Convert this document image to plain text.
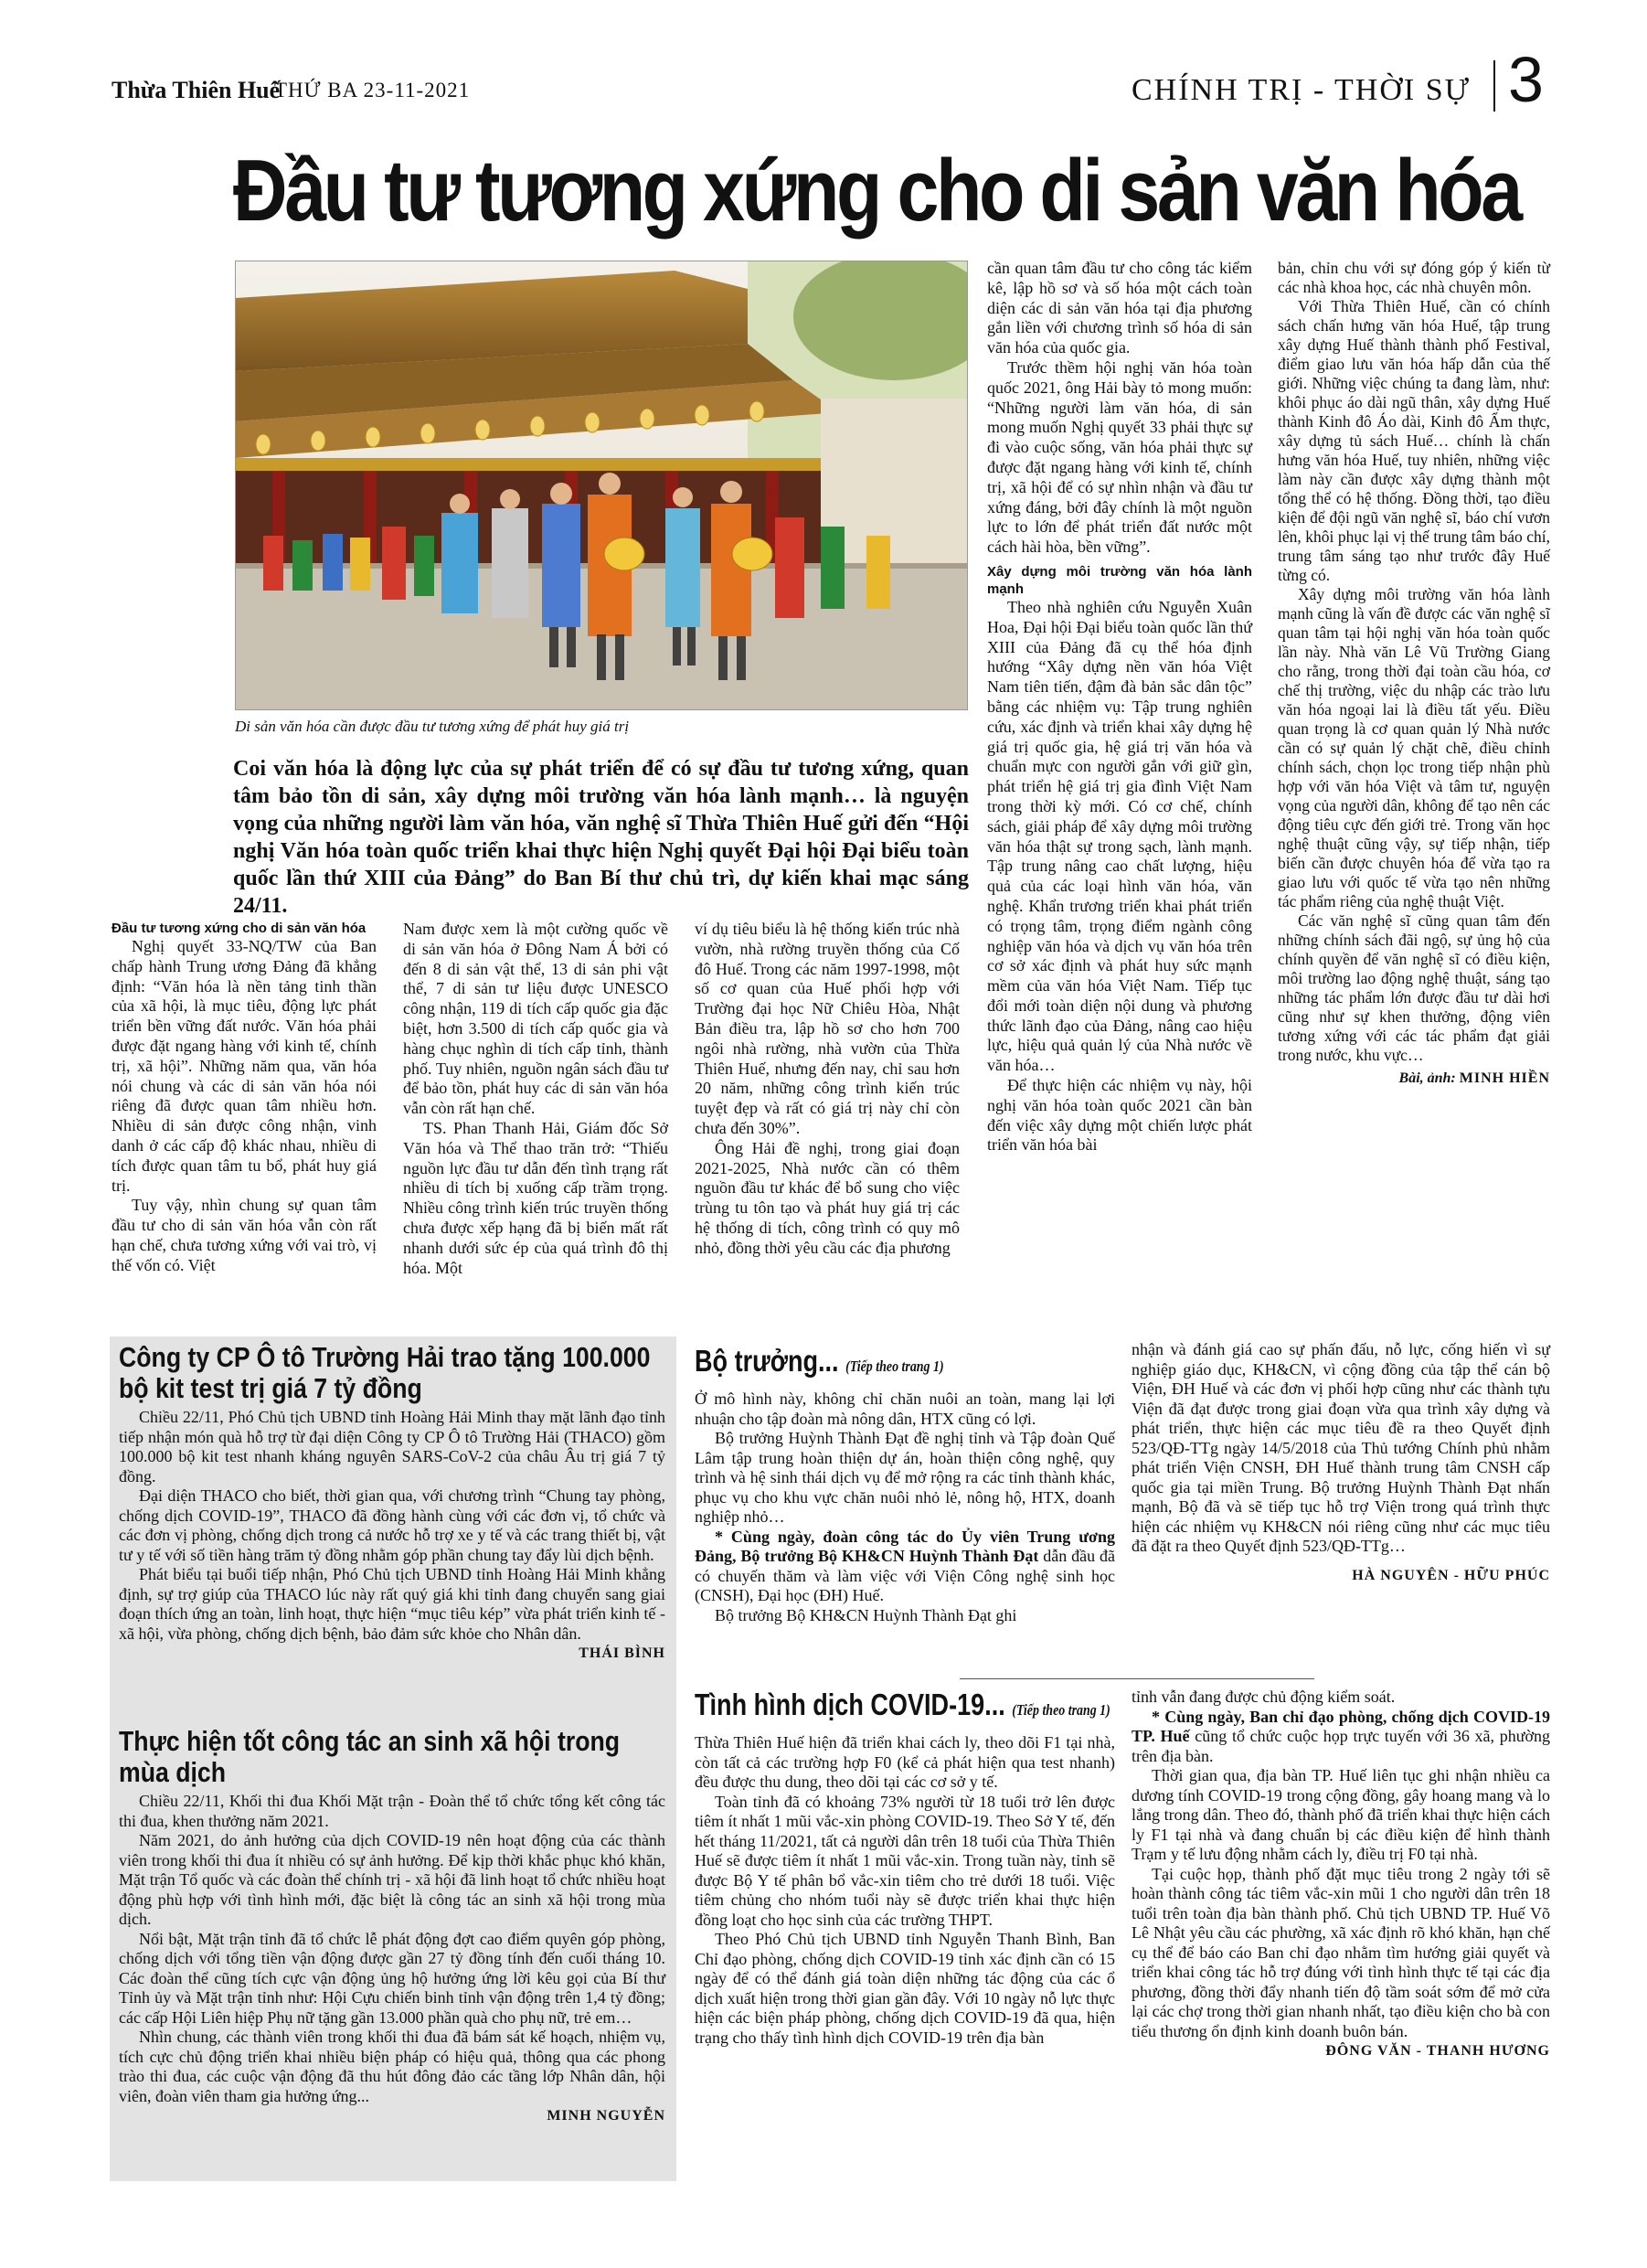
Thừa Thiên Huế
THỨ BA 23-11-2021	CHÍNH TRỊ - THỜI SỰ 3
Đầu tư tương xứng cho di sản văn hóa
Di sản văn hóa cần được đầu tư tương xứng để phát huy giá trị
Coi văn hóa là động lực của sự phát triển để có sự đầu tư tương xứng, quan tâm bảo tồn di sản, xây dựng môi trường văn hóa lành mạnh… là nguyện vọng của những người làm văn hóa, văn nghệ sĩ Thừa Thiên Huế gửi đến “Hội nghị Văn hóa toàn quốc triển khai thực hiện Nghị quyết Đại hội Đại biểu toàn quốc lần thứ XIII của Đảng” do Ban Bí thư chủ trì, dự kiến khai mạc sáng 24/11.
Đầu tư tương xứng cho di sản văn hóa

Nghị quyết 33-NQ/TW của Ban chấp hành Trung ương Đảng đã khẳng định: “Văn hóa là nền tảng tinh thần của xã hội, là mục tiêu, động lực phát triển bền vững đất nước. Văn hóa phải được đặt ngang hàng với kinh tế, chính trị, xã hội”. Những năm qua, văn hóa nói chung và các di sản văn hóa nói riêng đã được quan tâm nhiều hơn. Nhiều di sản được công nhận, vinh danh ở các cấp độ khác nhau, nhiều di tích được quan tâm tu bổ, phát huy giá trị.

Tuy vậy, nhìn chung sự quan tâm đầu tư cho di sản văn hóa vẫn còn rất hạn chế, chưa tương xứng với vai trò, vị thế vốn có. Việt

Nam được xem là một cường quốc về di sản văn hóa ở Đông Nam Á bởi có đến 8 di sản vật thể, 13 di sản phi vật thể, 7 di sản tư liệu được UNESCO công nhận, 119 di tích cấp quốc gia đặc biệt, hơn 3.500 di tích cấp quốc gia và hàng chục nghìn di tích cấp tỉnh, thành phố. Tuy nhiên, nguồn ngân sách đầu tư để bảo tồn, phát huy các di sản văn hóa vẫn còn rất hạn chế.

TS. Phan Thanh Hải, Giám đốc Sở Văn hóa và Thể thao trăn trở: “Thiếu nguồn lực đầu tư dẫn đến tình trạng rất nhiều di tích bị xuống cấp trầm trọng. Nhiều công trình kiến trúc truyền thống chưa được xếp hạng đã bị biến mất rất nhanh dưới sức ép của quá trình đô thị hóa. Một

ví dụ tiêu biểu là hệ thống kiến trúc nhà vườn, nhà rường truyền thống của Cố đô Huế. Trong các năm 1997-1998, một số cơ quan của Huế phối hợp với Trường đại học Nữ Chiêu Hòa, Nhật Bản điều tra, lập hồ sơ cho hơn 700 ngôi nhà rường, nhà vườn của Thừa Thiên Huế, nhưng đến nay, chỉ sau hơn 20 năm, những công trình kiến trúc tuyệt đẹp và rất có giá trị này chỉ còn chưa đến 30%”.

Ông Hải đề nghị, trong giai đoạn 2021-2025, Nhà nước cần có thêm nguồn đầu tư khác để bổ sung cho việc trùng tu tôn tạo và phát huy giá trị các hệ thống di tích, công trình có quy mô nhỏ, đồng thời yêu cầu các địa phương

cần quan tâm đầu tư cho công tác kiểm kê, lập hồ sơ và số hóa một cách toàn diện các di sản văn hóa tại địa phương gắn liền với chương trình số hóa di sản văn hóa của quốc gia.

Trước thềm hội nghị văn hóa toàn quốc 2021, ông Hải bày tỏ mong muốn: “Những người làm văn hóa, di sản mong muốn Nghị quyết 33 phải thực sự đi vào cuộc sống, văn hóa phải thực sự được đặt ngang hàng với kinh tế, chính trị, xã hội để có sự nhìn nhận và đầu tư xứng đáng, bởi đây chính là một nguồn lực to lớn để phát triển đất nước một cách hài hòa, bền vững”.

Xây dựng môi trường văn hóa lành mạnh

Theo nhà nghiên cứu Nguyễn Xuân Hoa, Đại hội Đại biểu toàn quốc lần thứ XIII của Đảng đã cụ thể hóa định hướng “Xây dựng nền văn hóa Việt Nam tiên tiến, đậm đà bản sắc dân tộc” bằng các nhiệm vụ: Tập trung nghiên cứu, xác định và triển khai xây dựng hệ giá trị quốc gia, hệ giá trị văn hóa và chuẩn mực con người gắn với giữ gìn, phát triển hệ giá trị gia đình Việt Nam trong thời kỳ mới. Có cơ chế, chính sách, giải pháp để xây dựng môi trường văn hóa thật sự trong sạch, lành mạnh. Tập trung nâng cao chất lượng, hiệu quả của các loại hình văn hóa, văn nghệ. Khẩn trương triển khai phát triển có trọng tâm, trọng điểm ngành công nghiệp văn hóa và dịch vụ văn hóa trên cơ sở xác định và phát huy sức mạnh mềm của văn hóa Việt Nam. Tiếp tục đổi mới toàn diện nội dung và phương thức lãnh đạo của Đảng, nâng cao hiệu lực, hiệu quả quản lý của Nhà nước về văn hóa…

Để thực hiện các nhiệm vụ này, hội nghị văn hóa toàn quốc 2021 cần bàn đến việc xây dựng một chiến lược phát triển văn hóa bài

bản, chỉn chu với sự đóng góp ý kiến từ các nhà khoa học, các nhà chuyên môn.

Với Thừa Thiên Huế, cần có chính sách chấn hưng văn hóa Huế, tập trung xây dựng Huế thành thành phố Festival, điểm giao lưu văn hóa hấp dẫn của thế giới. Những việc chúng ta đang làm, như: khôi phục áo dài ngũ thân, xây dựng Huế thành Kinh đô Áo dài, Kinh đô Ẩm thực, xây dựng tủ sách Huế… chính là chấn hưng văn hóa Huế, tuy nhiên, những việc làm này cần được xây dựng thành một tổng thể có hệ thống. Đồng thời, tạo điều kiện để đội ngũ văn nghệ sĩ, báo chí vươn lên, khôi phục lại vị thế trung tâm báo chí, trung tâm sáng tạo như trước đây Huế từng có.

Xây dựng môi trường văn hóa lành mạnh cũng là vấn đề được các văn nghệ sĩ quan tâm tại hội nghị văn hóa toàn quốc lần này. Nhà văn Lê Vũ Trường Giang cho rằng, trong thời đại toàn cầu hóa, cơ chế thị trường, việc du nhập các trào lưu văn hóa ngoại lai là điều tất yếu. Điều quan trọng là cơ quan quản lý Nhà nước cần có sự quản lý chặt chẽ, điều chỉnh chính sách, chọn lọc trong tiếp nhận phù hợp với văn hóa Việt và tâm tư, nguyện vọng của người dân, không để tạo nên các động tiêu cực đến giới trẻ. Trong văn học nghệ thuật cũng vậy, sự tiếp nhận, tiếp biến cần được chuyên hóa để vừa tạo ra giao lưu với quốc tế vừa tạo nên những tác phẩm riêng của nghệ thuật Việt.

Các văn nghệ sĩ cũng quan tâm đến những chính sách đãi ngộ, sự ủng hộ của chính quyền để văn nghệ sĩ có điều kiện, môi trường lao động nghệ thuật, sáng tạo những tác phẩm lớn được đầu tư dài hơi cũng như sự khen thưởng, động viên tương xứng với các tác phẩm đạt giải trong nước, khu vực…

Bài, ảnh: MINH HIỀN
Công ty CP Ô tô Trường Hải trao tặng 100.000 bộ kit test trị giá 7 tỷ đồng

Chiều 22/11, Phó Chủ tịch UBND tỉnh Hoàng Hải Minh thay mặt lãnh đạo tỉnh tiếp nhận món quà hỗ trợ từ đại diện Công ty CP Ô tô Trường Hải (THACO) gồm 100.000 bộ kit test nhanh kháng nguyên SARS-CoV-2 của châu Âu trị giá 7 tỷ đồng.

Đại diện THACO cho biết, thời gian qua, với chương trình “Chung tay phòng, chống dịch COVID-19”, THACO đã đồng hành cùng với các đơn vị, tổ chức và các đơn vị phòng, chống dịch trong cả nước hỗ trợ xe y tế và các trang thiết bị, vật tư y tế với số tiền hàng trăm tỷ đồng nhằm góp phần chung tay đẩy lùi dịch bệnh.

Phát biểu tại buổi tiếp nhận, Phó Chủ tịch UBND tỉnh Hoàng Hải Minh khẳng định, sự trợ giúp của THACO lúc này rất quý giá khi tỉnh đang chuyển sang giai đoạn thích ứng an toàn, linh hoạt, thực hiện “mục tiêu kép” vừa phát triển kinh tế - xã hội, vừa phòng, chống dịch bệnh, bảo đảm sức khỏe cho Nhân dân.

THÁI BÌNH
Thực hiện tốt công tác an sinh xã hội trong mùa dịch

Chiều 22/11, Khối thi đua Khối Mặt trận - Đoàn thể tổ chức tổng kết công tác thi đua, khen thưởng năm 2021.

Năm 2021, do ảnh hưởng của dịch COVID-19 nên hoạt động của các thành viên trong khối thi đua ít nhiều có sự ảnh hưởng. Để kịp thời khắc phục khó khăn, Mặt trận Tổ quốc và các đoàn thể chính trị - xã hội đã linh hoạt tổ chức nhiều hoạt động phù hợp với tình hình mới, đặc biệt là công tác an sinh xã hội trong mùa dịch.

Nổi bật, Mặt trận tỉnh đã tổ chức lễ phát động đợt cao điểm quyên góp phòng, chống dịch với tổng tiền vận động được gần 27 tỷ đồng tính đến cuối tháng 10. Các đoàn thể cũng tích cực vận động ủng hộ hưởng ứng lời kêu gọi của Bí thư Tỉnh ủy và Mặt trận tỉnh như: Hội Cựu chiến binh tỉnh vận động trên 1,4 tỷ đồng; các cấp Hội Liên hiệp Phụ nữ tặng gần 13.000 phần quà cho phụ nữ, trẻ em…

Nhìn chung, các thành viên trong khối thi đua đã bám sát kế hoạch, nhiệm vụ, tích cực chủ động triển khai nhiều biện pháp có hiệu quả, thông qua các phong trào thi đua, các cuộc vận động đã thu hút đông đảo các tầng lớp Nhân dân, hội viên, đoàn viên tham gia hưởng ứng...

MINH NGUYỄN
Bộ trưởng... (Tiếp theo trang 1)

Ở mô hình này, không chỉ chăn nuôi an toàn, mang lại lợi nhuận cho tập đoàn mà nông dân, HTX cũng có lợi.

Bộ trưởng Huỳnh Thành Đạt đề nghị tỉnh và Tập đoàn Quế Lâm tập trung hoàn thiện dự án, hoàn thiện công nghệ, quy trình và hệ sinh thái dịch vụ để mở rộng ra các tỉnh thành khác, phục vụ cho khu vực chăn nuôi nhỏ lẻ, nông hộ, HTX, doanh nghiệp nhỏ…

* Cùng ngày, đoàn công tác do Ủy viên Trung ương Đảng, Bộ trưởng Bộ KH&CN Huỳnh Thành Đạt dẫn đầu đã có chuyến thăm và làm việc với Viện Công nghệ sinh học (CNSH), Đại học (ĐH) Huế.

Bộ trưởng Bộ KH&CN Huỳnh Thành Đạt ghi

nhận và đánh giá cao sự phấn đấu, nỗ lực, cống hiến vì sự nghiệp giáo dục, KH&CN, vì cộng đồng của tập thể cán bộ Viện, ĐH Huế và các đơn vị phối hợp cũng như các thành tựu Viện đã đạt được trong giai đoạn vừa qua trình xây dựng và phát triển, thực hiện các mục tiêu đề ra theo Quyết định 523/QĐ-TTg ngày 14/5/2018 của Thủ tướng Chính phủ nhằm phát triển Viện CNSH, ĐH Huế thành trung tâm CNSH cấp quốc gia tại miền Trung. Bộ trưởng Huỳnh Thành Đạt nhấn mạnh, Bộ đã và sẽ tiếp tục hỗ trợ Viện trong quá trình thực hiện các nhiệm vụ KH&CN nói riêng cũng như các mục tiêu đã đặt ra theo Quyết định 523/QĐ-TTg…

HÀ NGUYÊN - HỮU PHÚC
Tình hình dịch COVID-19... (Tiếp theo trang 1)

Thừa Thiên Huế hiện đã triển khai cách ly, theo dõi F1 tại nhà, còn tất cả các trường hợp F0 (kể cả phát hiện qua test nhanh) đều được thu dung, theo dõi tại các cơ sở y tế.

Toàn tỉnh đã có khoảng 73% người từ 18 tuổi trở lên được tiêm ít nhất 1 mũi vắc-xin phòng COVID-19. Theo Sở Y tế, đến hết tháng 11/2021, tất cả người dân trên 18 tuổi của Thừa Thiên Huế sẽ được tiêm ít nhất 1 mũi vắc-xin. Trong tuần này, tỉnh sẽ được Bộ Y tế phân bổ vắc-xin tiêm cho trẻ dưới 18 tuổi. Việc tiêm chủng cho nhóm tuổi này sẽ được triển khai thực hiện đồng loạt cho học sinh của các trường THPT.

Theo Phó Chủ tịch UBND tỉnh Nguyễn Thanh Bình, Ban Chỉ đạo phòng, chống dịch COVID-19 tỉnh xác định cần có 15 ngày để có thể đánh giá toàn diện những tác động của các ổ dịch xuất hiện trong thời gian gần đây. Với 10 ngày nỗ lực thực hiện các biện pháp phòng, chống dịch COVID-19 đã qua, hiện trạng cho thấy tình hình dịch COVID-19 trên địa bàn

tỉnh vẫn đang được chủ động kiểm soát.

* Cùng ngày, Ban chỉ đạo phòng, chống dịch COVID-19 TP. Huế cũng tổ chức cuộc họp trực tuyến với 36 xã, phường trên địa bàn.

Thời gian qua, địa bàn TP. Huế liên tục ghi nhận nhiều ca dương tính COVID-19 trong cộng đồng, gây hoang mang và lo lắng trong dân. Theo đó, thành phố đã triển khai thực hiện cách ly F1 tại nhà và đang chuẩn bị các điều kiện để hình thành Trạm y tế lưu động nhằm cách ly, điều trị F0 tại nhà.

Tại cuộc họp, thành phố đặt mục tiêu trong 2 ngày tới sẽ hoàn thành công tác tiêm vắc-xin mũi 1 cho người dân trên 18 tuổi trên toàn địa bàn thành phố. Chủ tịch UBND TP. Huế Võ Lê Nhật yêu cầu các phường, xã xác định rõ khó khăn, hạn chế cụ thể để báo cáo Ban chỉ đạo nhằm tìm hướng giải quyết và triển khai công tác hỗ trợ đúng với tình hình thực tế tại các địa phương, đồng thời đẩy nhanh tiến độ tầm soát sớm để mở cửa lại các chợ trong thời gian nhanh nhất, tạo điều kiện cho bà con tiểu thương ổn định kinh doanh buôn bán.

ĐÔNG VĂN - THANH HƯƠNG
